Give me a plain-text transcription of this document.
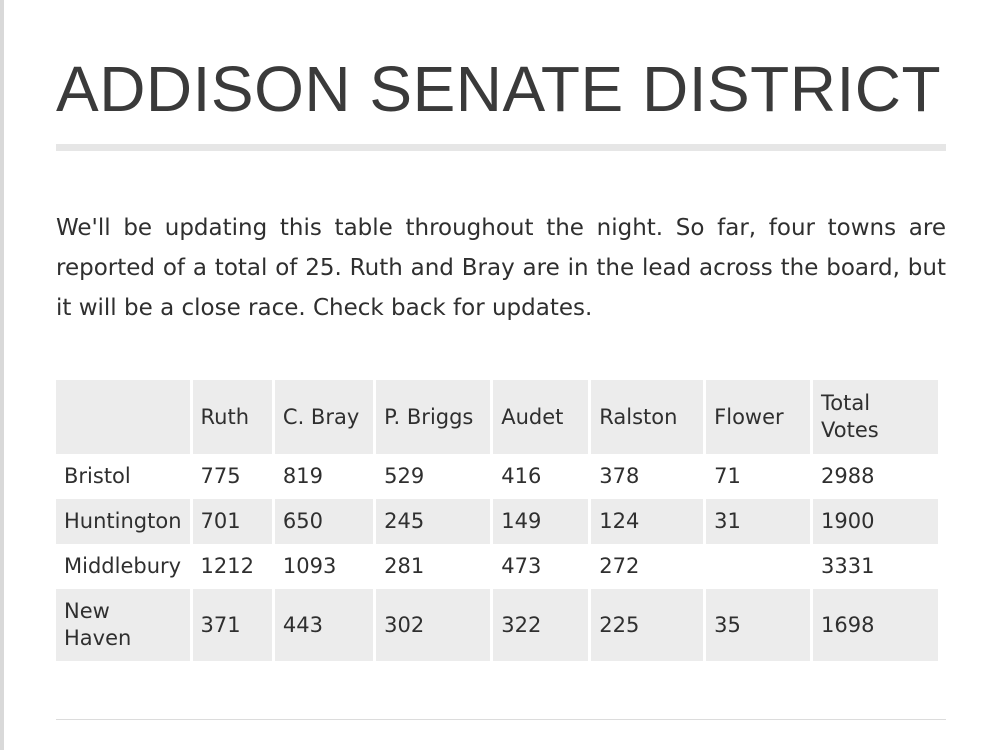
ADDISON SENATE DISTRICT

We'll be updating this table throughout the night. So far, four towns are reported of a total of 25. Ruth and Bray are in the lead across the board, but it will be a close race. Check back for updates.

	Ruth	C. Bray	P. Briggs	Audet	Ralston	Flower	Total Votes
Bristol	775	819	529	416	378	71	2988
Huntington	701	650	245	149	124	31	1900
Middlebury	1212	1093	281	473	272		3331
New Haven	371	443	302	322	225	35	1698
